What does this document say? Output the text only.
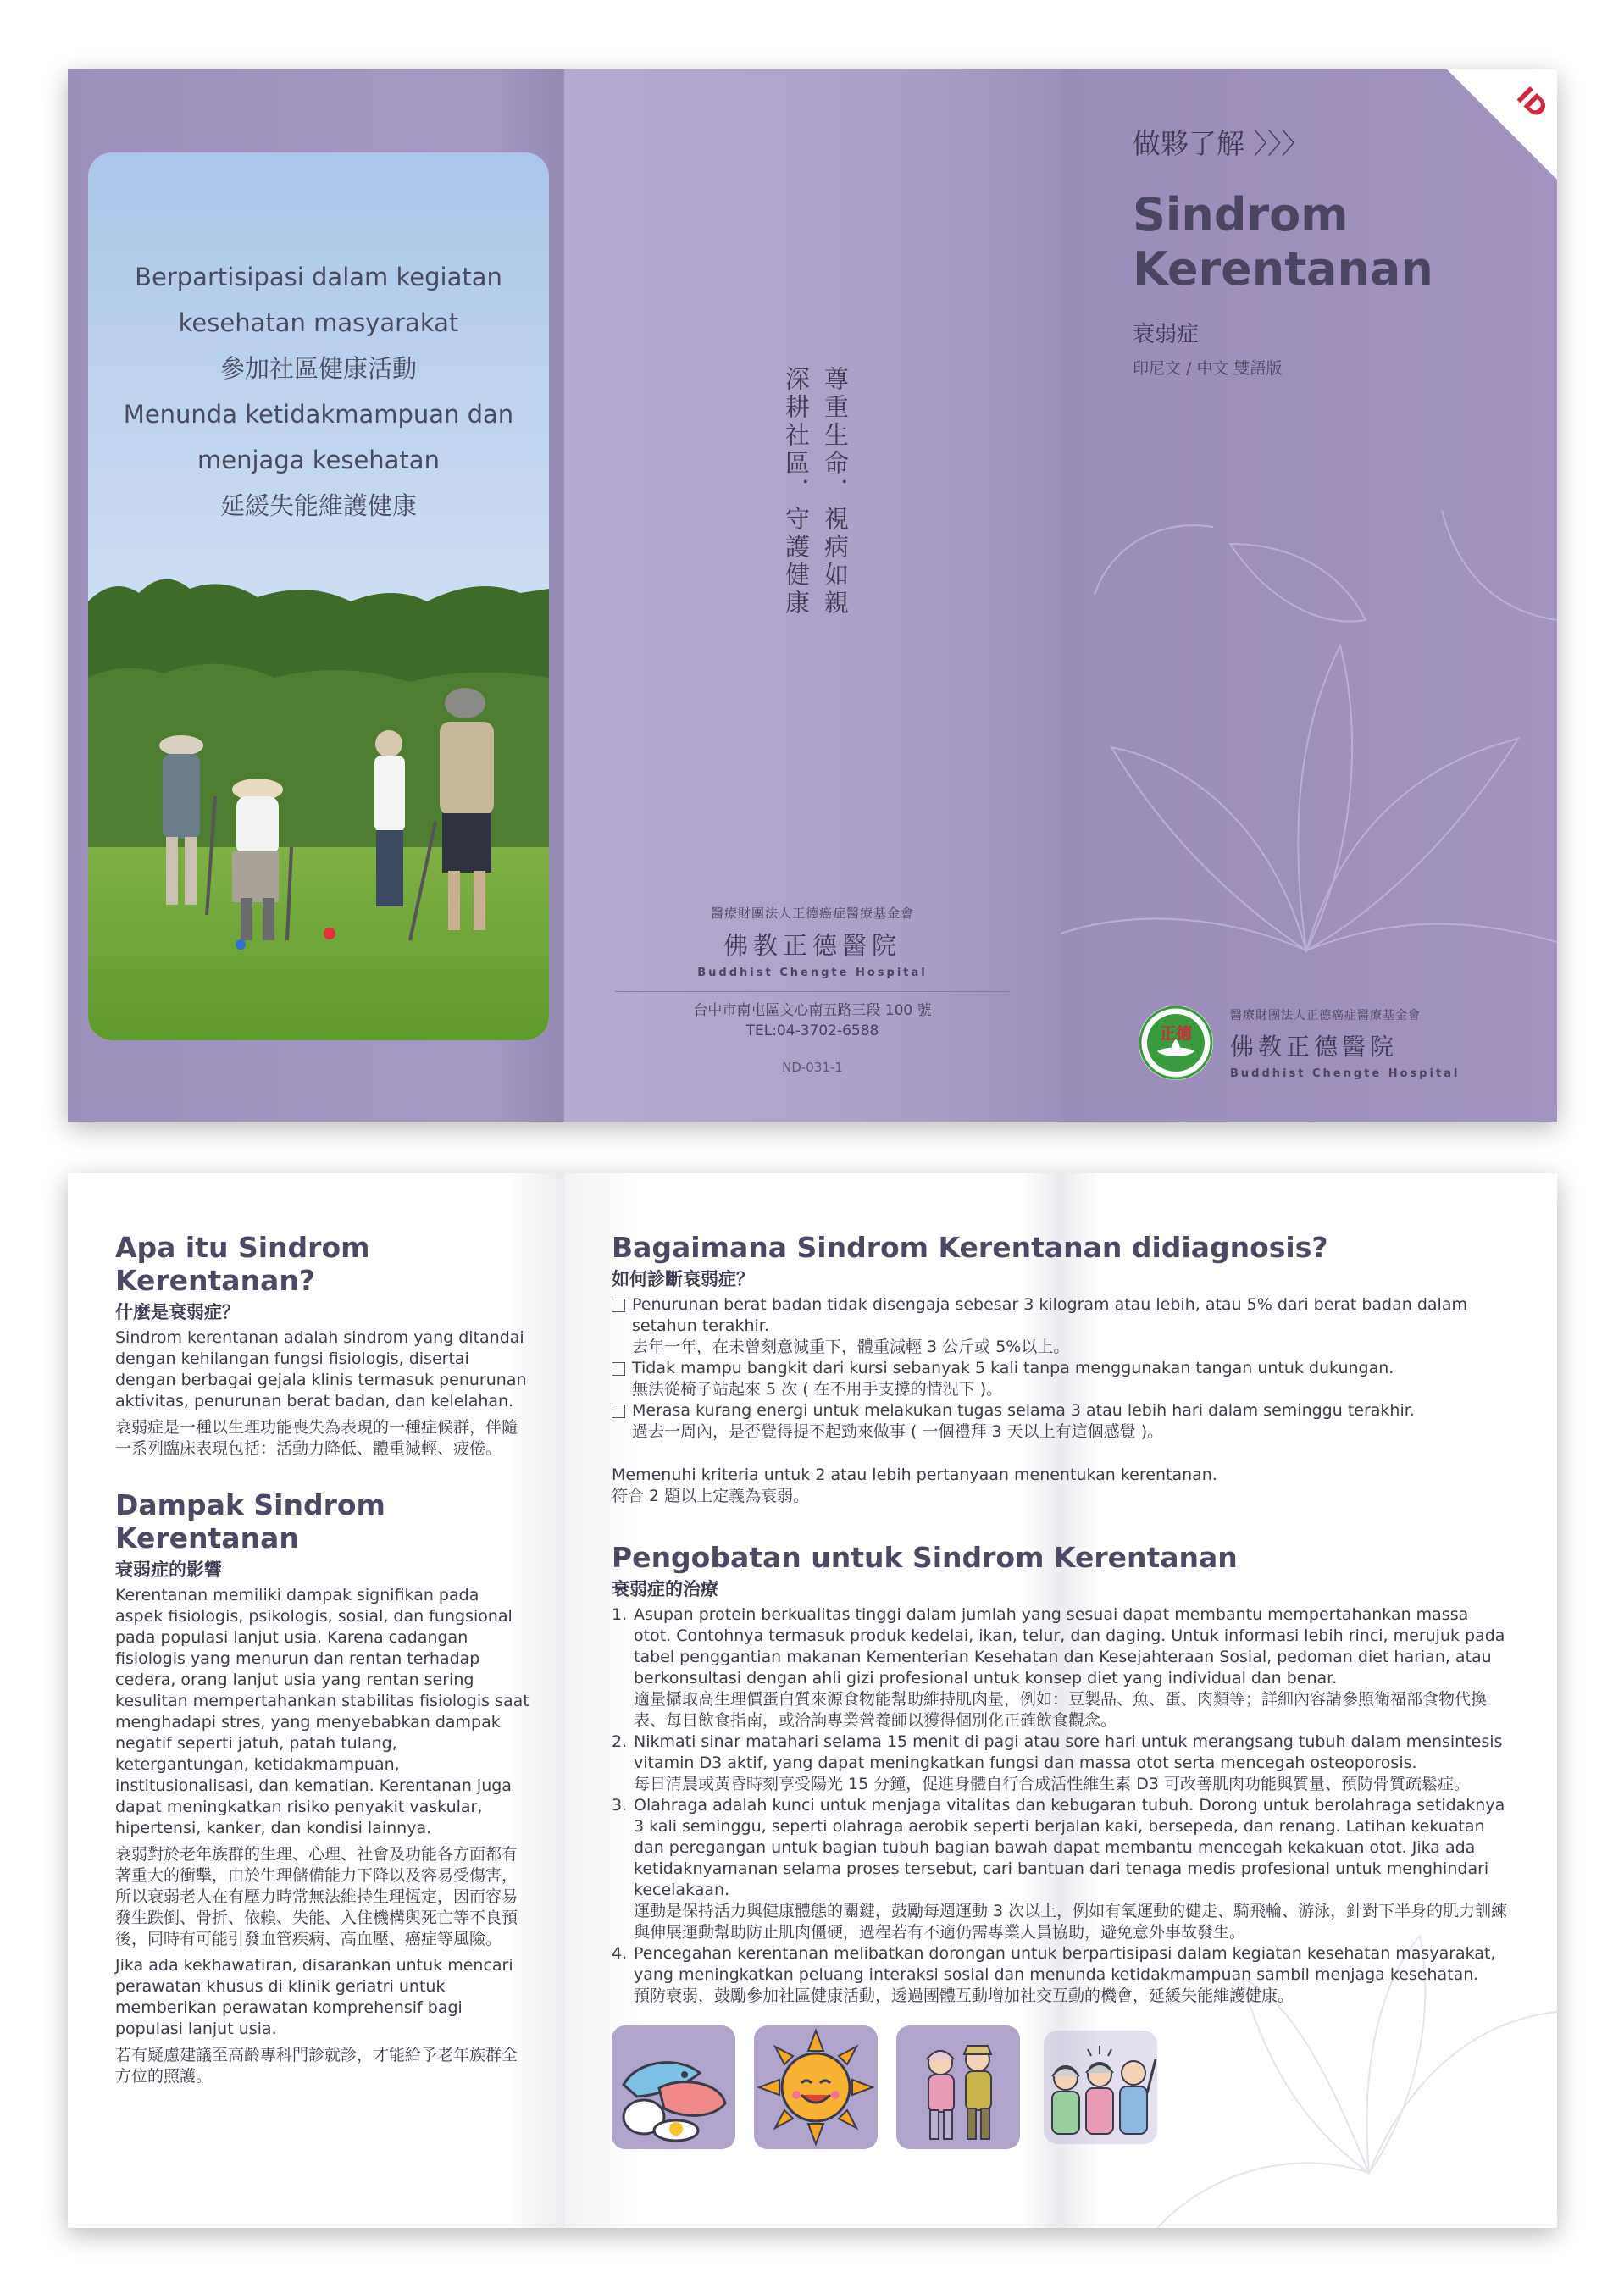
Berpartisipasi dalam kegiatan
kesehatan masyarakat
參加社區健康活動
Menunda ketidakmampuan dan
menjaga kesehatan
延緩失能維護健康	尊重生命．視病如親
深耕社區．守護健康
醫療財團法人正德癌症醫療基金會
佛教正德醫院
Buddhist Chengte Hospital
台中市南屯區文心南五路三段 100 號
TEL:04-3702-6588
ND-031-1
ID
做夥了解 〉〉〉
Sindrom
Kerentanan
衰弱症
印尼文 / 中文 雙語版
正德
醫療財團法人正德癌症醫療基金會
佛教正德醫院
Buddhist Chengte Hospital
Apa itu Sindrom Kerentanan?
什麼是衰弱症？
Sindrom kerentanan adalah sindrom yang ditandai dengan kehilangan fungsi fisiologis, disertai dengan berbagai gejala klinis termasuk penurunan aktivitas, penurunan berat badan, dan kelelahan.
衰弱症是一種以生理功能喪失為表現的一種症候群，伴隨一系列臨床表現包括：活動力降低、體重減輕、疲倦。
Dampak Sindrom Kerentanan
衰弱症的影響
Kerentanan memiliki dampak signifikan pada aspek fisiologis, psikologis, sosial, dan fungsional pada populasi lanjut usia. Karena cadangan fisiologis yang menurun dan rentan terhadap cedera, orang lanjut usia yang rentan sering kesulitan mempertahankan stabilitas fisiologis saat menghadapi stres, yang menyebabkan dampak negatif seperti jatuh, patah tulang, ketergantungan, ketidakmampuan, institusionalisasi, dan kematian. Kerentanan juga dapat meningkatkan risiko penyakit vaskular, hipertensi, kanker, dan kondisi lainnya.
衰弱對於老年族群的生理、心理、社會及功能各方面都有著重大的衝擊，由於生理儲備能力下降以及容易受傷害，所以衰弱老人在有壓力時常無法維持生理恆定，因而容易發生跌倒、骨折、依賴、失能、入住機構與死亡等不良預後，同時有可能引發血管疾病、高血壓、癌症等風險。
Jika ada kekhawatiran, disarankan untuk mencari perawatan khusus di klinik geriatri untuk memberikan perawatan komprehensif bagi populasi lanjut usia.
若有疑慮建議至高齡專科門診就診，才能給予老年族群全方位的照護。
Bagaimana Sindrom Kerentanan didiagnosis?
如何診斷衰弱症？
Penurunan berat badan tidak disengaja sebesar 3 kilogram atau lebih, atau 5% dari berat badan dalam setahun terakhir.
去年一年，在未曾刻意減重下，體重減輕 3 公斤或 5%以上。
Tidak mampu bangkit dari kursi sebanyak 5 kali tanpa menggunakan tangan untuk dukungan.
無法從椅子站起來 5 次 ( 在不用手支撐的情況下 )。
Merasa kurang energi untuk melakukan tugas selama 3 atau lebih hari dalam seminggu terakhir.
過去一周內，是否覺得提不起勁來做事 ( 一個禮拜 3 天以上有這個感覺 )。
Memenuhi kriteria untuk 2 atau lebih pertanyaan menentukan kerentanan.
符合 2 題以上定義為衰弱。
Pengobatan untuk Sindrom Kerentanan
衰弱症的治療
1. Asupan protein berkualitas tinggi dalam jumlah yang sesuai dapat membantu mempertahankan massa otot. Contohnya termasuk produk kedelai, ikan, telur, dan daging. Untuk informasi lebih rinci, merujuk pada tabel penggantian makanan Kementerian Kesehatan dan Kesejahteraan Sosial, pedoman diet harian, atau berkonsultasi dengan ahli gizi profesional untuk konsep diet yang individual dan benar.
適量攝取高生理價蛋白質來源食物能幫助維持肌肉量，例如：豆製品、魚、蛋、肉類等；詳細內容請參照衛福部食物代換表、每日飲食指南，或洽詢專業營養師以獲得個別化正確飲食觀念。
2. Nikmati sinar matahari selama 15 menit di pagi atau sore hari untuk merangsang tubuh dalam mensintesis vitamin D3 aktif, yang dapat meningkatkan fungsi dan massa otot serta mencegah osteoporosis.
每日清晨或黃昏時刻享受陽光 15 分鐘，促進身體自行合成活性維生素 D3 可改善肌肉功能與質量、預防骨質疏鬆症。
3. Olahraga adalah kunci untuk menjaga vitalitas dan kebugaran tubuh. Dorong untuk berolahraga setidaknya 3 kali seminggu, seperti olahraga aerobik seperti berjalan kaki, bersepeda, dan renang. Latihan kekuatan dan peregangan untuk bagian tubuh bagian bawah dapat membantu mencegah kekakuan otot. Jika ada ketidaknyamanan selama proses tersebut, cari bantuan dari tenaga medis profesional untuk menghindari kecelakaan.
運動是保持活力與健康體態的關鍵，鼓勵每週運動 3 次以上，例如有氧運動的健走、騎飛輪、游泳，針對下半身的肌力訓練與伸展運動幫助防止肌肉僵硬，過程若有不適仍需專業人員協助，避免意外事故發生。
4. Pencegahan kerentanan melibatkan dorongan untuk berpartisipasi dalam kegiatan kesehatan masyarakat, yang meningkatkan peluang interaksi sosial dan menunda ketidakmampuan sambil menjaga kesehatan.
預防衰弱，鼓勵參加社區健康活動，透過團體互動增加社交互動的機會，延緩失能維護健康。
